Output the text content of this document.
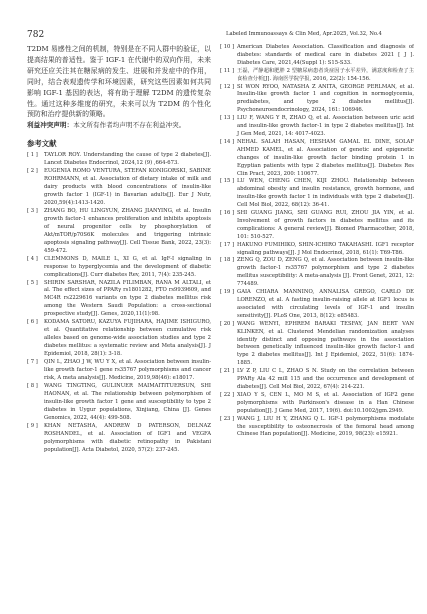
782	Labeled Immunoassays & Clin Med, Apr.2025, Vol.32, No.4

T2DM 易感性之间的机制，特别是在不同人群中的验证，以提高结果的普适性。鉴于 IGF-1 在代谢中的双向作用，未来研究还应关注其在糖尿病的发生、进展和并发症中的作用，同时，结合表观遗传学和环境因素，研究这些因素如何共同影响 IGF-1 基因的表达，将有助于理解 T2DM 的遗传复杂性。通过这种多维度的研究，未来可以为 T2DM 的个性化预防和治疗提供新的策略。

利益冲突声明：本文所有作者均声明不存在利益冲突。

参考文献
[ 1 ]	TAYLOR ROY. Understanding the cause of type 2 diabetes[J]. Lancet Diabetes Endocrinol, 2024,12 (9) ,664-673.
[ 2 ]	EUGENIA ROMO VENTURA, STEFAN KONIGORSKI, SABINE ROHRMANN, et al. Association of dietary intake of milk and dairy products with blood concentrations of insulin-like growth factor 1 (IGF-1) in Bavarian adults[J]. Eur J Nutr, 2020,59(4):1413-1420.
[ 3 ]	ZHANG BO, HU LINGYUN, ZHANG JIANYING, et al. Insulin growth factor-1 enhances proliferation and inhibits apoptosis of neural progenitor cells by phosphorylation of Akt/mTOR/p70S6K molecules and triggering intrinsic apoptosis signaling pathway[J]. Cell Tissue Bank, 2022, 23(3): 459-472.
[ 4 ]	CLEMMONS D, MAILE L, XI G, et al. IgF-I signaling in response to hyperglycemia and the development of diabetic complications[J]. Curr diabetes Rev, 2011, 7(4): 235-245.
[ 5 ]	SHIRIN SARSHAR, NAZILA FILIMBAN, RANA M ALTALI, et al. The effect sizes of PPARγ rs1801282, FTO rs9939609, and MC4R rs2229616 variants on type 2 diabetes mellitus risk among the Western Saudi Population: a cross-sectional prospective study[J]. Genes, 2020,11(1):98.
[ 6 ]	KODAMA SATORU, KAZUYA FUJIHARA, HAJIME ISHIGURO, et al. Quantitative relationship between cumulative risk alleles based on genome-wide association studies and type 2 diabetes mellitus: a systematic review and Meta analysis[J]. J Epidemiol, 2018, 28(1): 3-18.
[ 7 ]	QIN L, ZHAO J W, WU Y X, et al. Association between insulin-like growth factor-1 gene rs35767 polymorphisms and cancer risk, A meta analysis[J]. Medicine, 2019,98(46): e18017.
[ 8 ]	WANG TINGTING, GULINUER MAIMAITITUERSUN, SHI HAONAN, et al. The relationship between polymorphism of insulin-like growth factor 1 gene and susceptibility to type 2 diabetes in Uygur populations, Xinjiang, China [J]. Genes Genomics, 2022, 44(4): 499-508.
[ 9 ]	KHAN NETASHA, ANDREW D PATERSON, DELNAZ ROSHANDEL, et al. Association of IGF1 and VEGFA polymorphisms with diabetic retinopathy in Pakistani population[J]. Acta Diabetol, 2020, 57(2): 237-245.
[ 10 ] American Diabetes Association. Classification and diagnosis of diabetes: standards of medical care in diabetes 2021 [ J ]. Diabetes Care, 2021,44(Suppl 1): S15-S33.
[ 11 ] 王磊，严静超和肥胖 2 型糖尿病患者炎症因子水平差异，满意度和检查了主食检查分析[J]. 海南医学院学报, 2016, 22(2): 154-156.
[ 12 ] SI WON RYOO, NATASHA Z ANITA, GEORGE PERLMAN, et al. Insulin-like growth factor 1 and cognition in normoglycemia, prediabetes, and type 2 diabetes mellitus[J]. Psychoneuroendocrinology, 2024, 161: 106946.
[ 13 ] LIU F, WANG Y R, ZHAO Q, et al. Association between uric acid and insulin-like growth factor-1 in type 2 diabetes mellitus[J]. Int J Gen Med, 2021, 14: 4017-4023.
[ 14 ] NEHAL SALAH HASAN, HESHAM GAMAL EL DINE, SOLAF AHMED KAMEL, et al. Association of genetic and epigenetic changes of insulin-like growth factor binding protein 1 in Egyptian patients with type 2 diabetes mellitus[J]. Diabetes Res Clin Pract, 2023, 200: 110677.
[ 15 ] LU WEN, CHENG CHEN, KIJI ZHOU. Relationship between abdominal obesity and insulin resistance, growth hormone, and insulin-like growth factor 1 in individuals with type 2 diabetes[J]. Cell Mol Biol, 2022, 68(12): 36-41.
[ 16 ] SHI GUANG JIANG, SHI GUANG RUI, ZHOU JIA YIN, et al. Involvement of growth factors in diabetes mellitus and its complications: A general review[J]. Biomed Pharmacother, 2018, 101: 510-527.
[ 17 ] HAKUNO FUMIHIKO, SHIN-ICHIRO TAKAHASHI. IGF1 receptor signaling pathways[J]. J Mol Endocrinol, 2018, 61(1): T69-T86.
[ 18 ] ZENG Q, ZOU D, ZENG Q, et al. Association between insulin-like growth factor-1 rs35767 polymorphism and type 2 diabetes mellitus susceptibility: A meta-analysis [J]. Front Genet, 2021, 12: 774489.
[ 19 ] GAIA CHIARA MANNINO, ANNALISA GREGO, CARLO DE LORENZO, et al. A fasting insulin-raising allele at IGF1 locus is associated with circulating levels of IGF-1 and insulin sensitivity[J]. PLoS One, 2013, 8(12): e85483.
[ 20 ] WANG WENYI, EPHREM BARAKI TESFAY, JAN BERT VAN KLINKEN, et al. Clustered Mendelian randomization analyses identify distinct and opposing pathways in the association between genetically influenced insulin-like growth factor-1 and type 2 diabetes mellitus[J]. Int J Epidemiol, 2022, 51(6): 1874-1885.
[ 21 ] LV Z P, LIU C L, ZHAO S N. Study on the correlation between PPARγ Ala 42 mill 115 and the occurrence and development of diabetes[J]. Cell Mol Biol, 2022, 67(4): 214-221.
[ 22 ] XIAO Y S, CEN L, MO M S, et al. Association of IGF2 gene polymorphisms with Parkinson's disease in a Han Chinese population[J]. J Gene Med, 2017, 19(6). doi:10.1002/jgm.2949.
[ 23 ] WANG J, LIU H Y, ZHANG Q L. IGF-1 polymorphisms modulate the susceptibility to osteonecrosis of the femoral head among Chinese Han population[J]. Medicine, 2019, 98(23): e15921.
